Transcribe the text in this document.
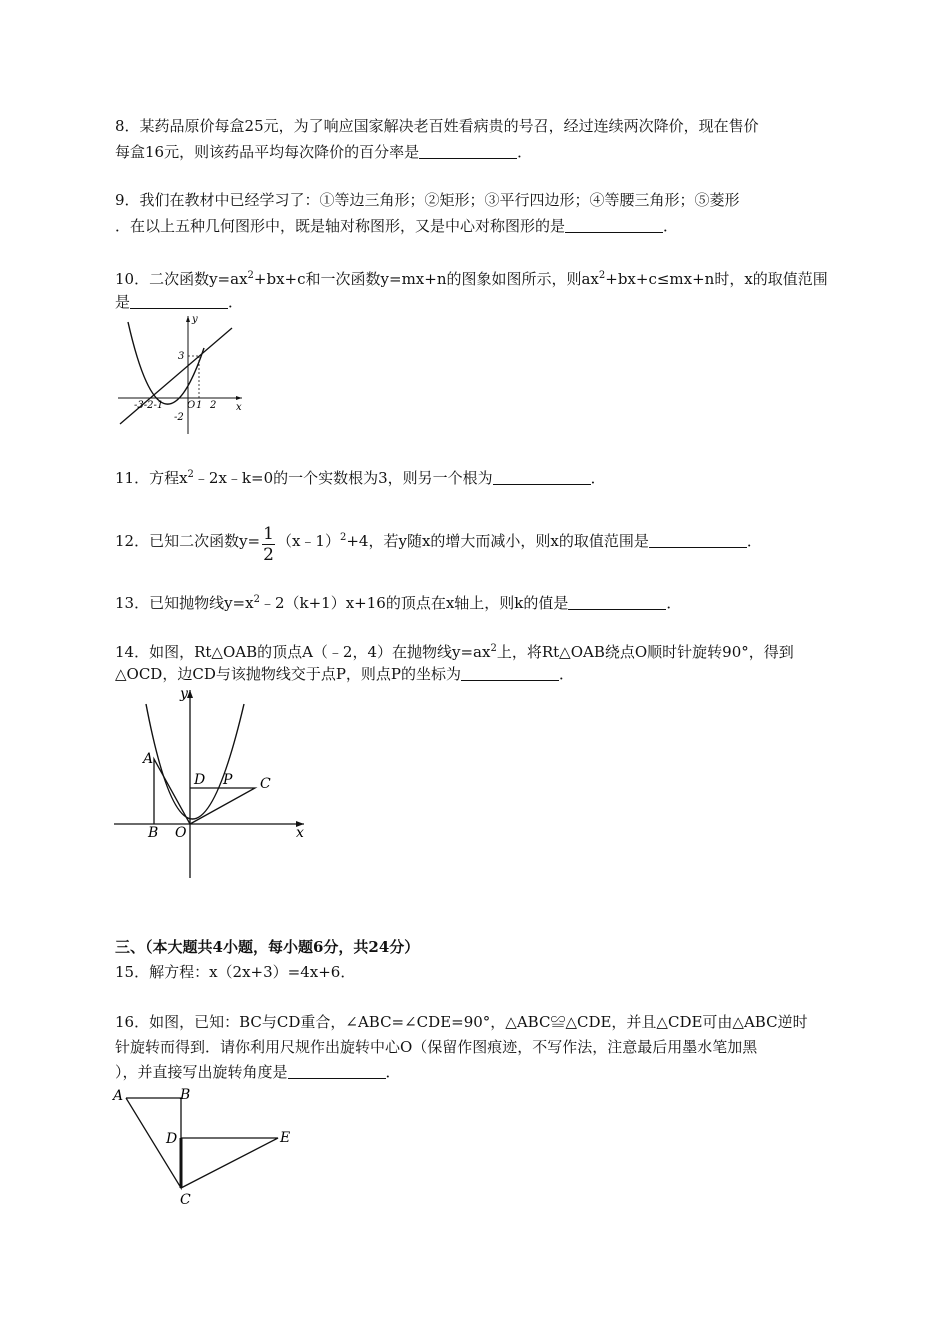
8．某药品原价每盒25元，为了响应国家解决老百姓看病贵的号召，经过连续两次降价，现在售价
每盒16元，则该药品平均每次降价的百分率是	．
9．我们在教材中已经学习了：①等边三角形；②矩形；③平行四边形；④等腰三角形；⑤菱形
．在以上五种几何图形中，既是轴对称图形，又是中心对称图形的是	．
10．二次函数$y=ax^2+bx+c$和一次函数y=mx+n的图象如图所示，则$ax^2+bx+c\le mx+n$时，x的取值范围
是	．
y
x
3
-2
-3-2-1 O 1 2
11．方程$x^2﹣2x﹣k=0$的一个实数根为3，则另一个根为	．
12．已知二次函数$y= \frac{1}{2}$ （x﹣1）$^2$+4，若y随x的增大而减小，则x的取值范围是	．
13．已知抛物线$y=x^2﹣2(k+1)x+16$的顶点在x轴上，则k的值是	．
14．如图，Rt△OAB的顶点A（﹣2，4）在抛物线$y=ax^2$上，将Rt△OAB绕点O顺时针旋转90°，得到
△OCD，边CD与该抛物线交于点P，则点P的坐标为	．
y
x
A
B O
D P C
三、（本大题共4小题，每小题6分，共24分）
15．解方程：x（2x+3）=4x+6．
16．如图，已知：BC与CD重合，∠ABC=∠CDE=90°，△ABC≌△CDE，并且△CDE可由△ABC逆时
针旋转而得到．请你利用尺规作出旋转中心O（保留作图痕迹，不写作法，注意最后用墨水笔加黑
），并直接写出旋转角度是	．
A	B
C
D	E
